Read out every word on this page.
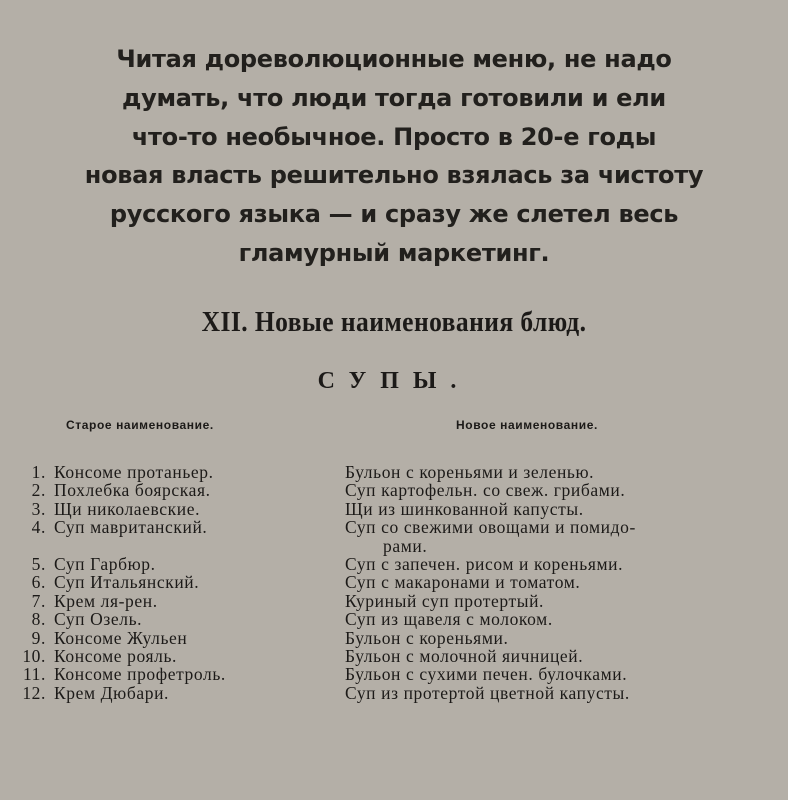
Читая дореволюционные меню, не надо
думать, что люди тогда готовили и ели
что-то необычное. Просто в 20-е годы
новая власть решительно взялась за чистоту
русского языка — и сразу же слетел весь
гламурный маркетинг.
XII. Новые наименования блюд.
СУПЫ.
Старое наименование.	Новое наименование.
1. Консоме протаньер.
2. Похлебка боярская.
3. Щи николаевские.
4. Суп мавританский.
5. Суп Гарбюр.
6. Суп Итальянский.
7. Крем ля-рен.
8. Суп Озель.
9. Консоме Жульен
10. Консоме рояль.
11. Консоме профетроль.
12. Крем Дюбари.
Бульон с кореньями и зеленью.
Суп картофельн. со свеж. грибами.
Щи из шинкованной капусты.
Суп со свежими овощами и помидо-
рами.
Суп с запечен. рисом и кореньями.
Суп с макаронами и томатом.
Куриный суп протертый.
Суп из щавеля с молоком.
Бульон с кореньями.
Бульон с молочной яичницей.
Бульон с сухими печен. булочками.
Суп из протертой цветной капусты.
